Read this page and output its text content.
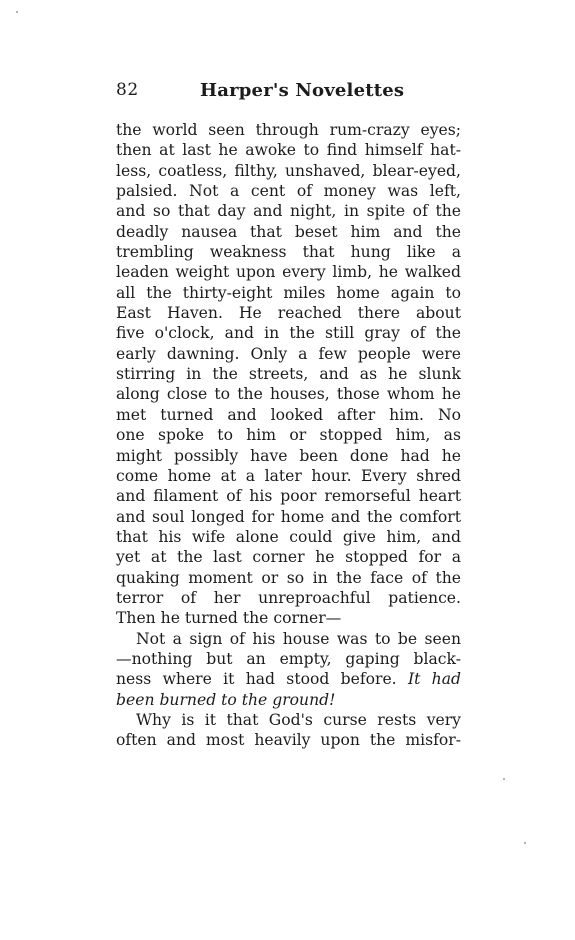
82	Harper's Novelettes
the world seen through rum-crazy eyes;
then at last he awoke to find himself hat-
less, coatless, filthy, unshaved, blear-eyed,
palsied. Not a cent of money was left,
and so that day and night, in spite of the
deadly nausea that beset him and the
trembling weakness that hung like a
leaden weight upon every limb, he walked
all the thirty-eight miles home again to
East Haven. He reached there about
five o'clock, and in the still gray of the
early dawning. Only a few people were
stirring in the streets, and as he slunk
along close to the houses, those whom he
met turned and looked after him. No
one spoke to him or stopped him, as
might possibly have been done had he
come home at a later hour. Every shred
and filament of his poor remorseful heart
and soul longed for home and the comfort
that his wife alone could give him, and
yet at the last corner he stopped for a
quaking moment or so in the face of the
terror of her unreproachful patience.
Then he turned the corner—
Not a sign of his house was to be seen
—nothing but an empty, gaping black-
ness where it had stood before. It had
been burned to the ground!
Why is it that God's curse rests very
often and most heavily upon the misfor-
